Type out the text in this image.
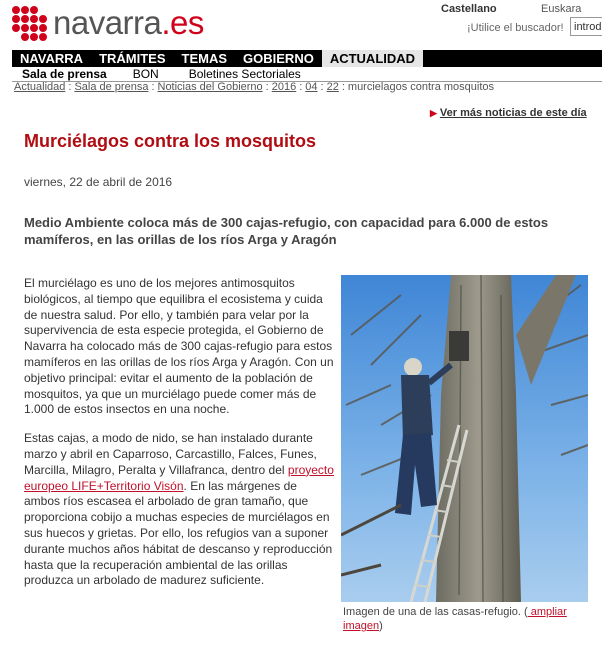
navarra.es	Castellano	Euskara
¡Utilice el buscador!
introd
NAVARRA	TRÁMITES	TEMAS	GOBIERNO	ACTUALIDAD
Sala de prensa BON	Boletines Sectoriales
Actualidad : Sala de prensa : Noticias del Gobierno : 2016 : 04 : 22 : murcielagos contra mosquitos
▶ Ver más noticias de este día
Murciélagos contra los mosquitos
viernes, 22 de abril de 2016
Medio Ambiente coloca más de 300 cajas-refugio, con capacidad para 6.000 de estos mamíferos, en las orillas de los ríos Arga y Aragón

El murciélago es uno de los mejores antimosquitos biológicos, al tiempo que equilibra el ecosistema y cuida de nuestra salud. Por ello, y también para velar por la supervivencia de esta especie protegida, el Gobierno de Navarra ha colocado más de 300 cajas-refugio para estos mamíferos en las orillas de los ríos Arga y Aragón. Con un objetivo principal: evitar el aumento de la población de mosquitos, ya que un murciélago puede comer más de 1.000 de estos insectos en una noche.

Estas cajas, a modo de nido, se han instalado durante marzo y abril en Caparroso, Carcastillo, Falces, Funes, Marcilla, Milagro, Peralta y Villafranca, dentro del proyecto europeo LIFE+Territorio Visón. En las márgenes de ambos ríos escasea el arbolado de gran tamaño, que proporciona cobijo a muchas especies de murciélagos en sus huecos y grietas. Por ello, los refugios van a suponer durante muchos años hábitat de descanso y reproducción hasta que la recuperación ambiental de las orillas produzca un arbolado de madurez suficiente.

Imagen de una de las casas-refugio. ( ampliar imagen)
